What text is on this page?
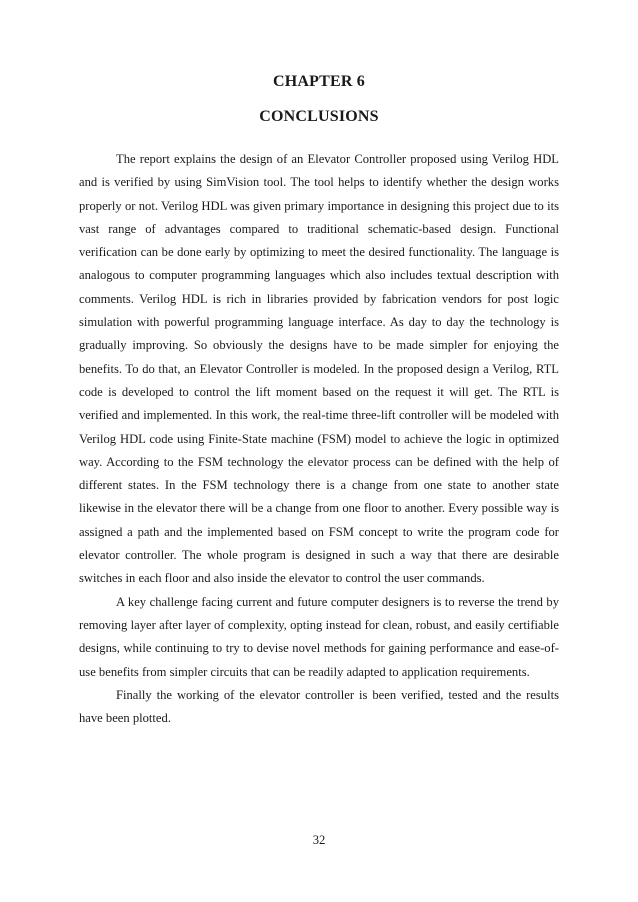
CHAPTER 6
CONCLUSIONS

The report explains the design of an Elevator Controller proposed using Verilog HDL and is verified by using SimVision tool. The tool helps to identify whether the design works properly or not. Verilog HDL was given primary importance in designing this project due to its vast range of advantages compared to traditional schematic-based design. Functional verification can be done early by optimizing to meet the desired functionality. The language is analogous to computer programming languages which also includes textual description with comments. Verilog HDL is rich in libraries provided by fabrication vendors for post logic simulation with powerful programming language interface. As day to day the technology is gradually improving. So obviously the designs have to be made simpler for enjoying the benefits. To do that, an Elevator Controller is modeled. In the proposed design a Verilog, RTL code is developed to control the lift moment based on the request it will get. The RTL is verified and implemented. In this work, the real-time three-lift controller will be modeled with Verilog HDL code using Finite-State machine (FSM) model to achieve the logic in optimized way. According to the FSM technology the elevator process can be defined with the help of different states. In the FSM technology there is a change from one state to another state likewise in the elevator there will be a change from one floor to another. Every possible way is assigned a path and the implemented based on FSM concept to write the program code for elevator controller. The whole program is designed in such a way that there are desirable switches in each floor and also inside the elevator to control the user commands.

A key challenge facing current and future computer designers is to reverse the trend by removing layer after layer of complexity, opting instead for clean, robust, and easily certifiable designs, while continuing to try to devise novel methods for gaining performance and ease-of-use benefits from simpler circuits that can be readily adapted to application requirements.

Finally the working of the elevator controller is been verified, tested and the results have been plotted.

32
